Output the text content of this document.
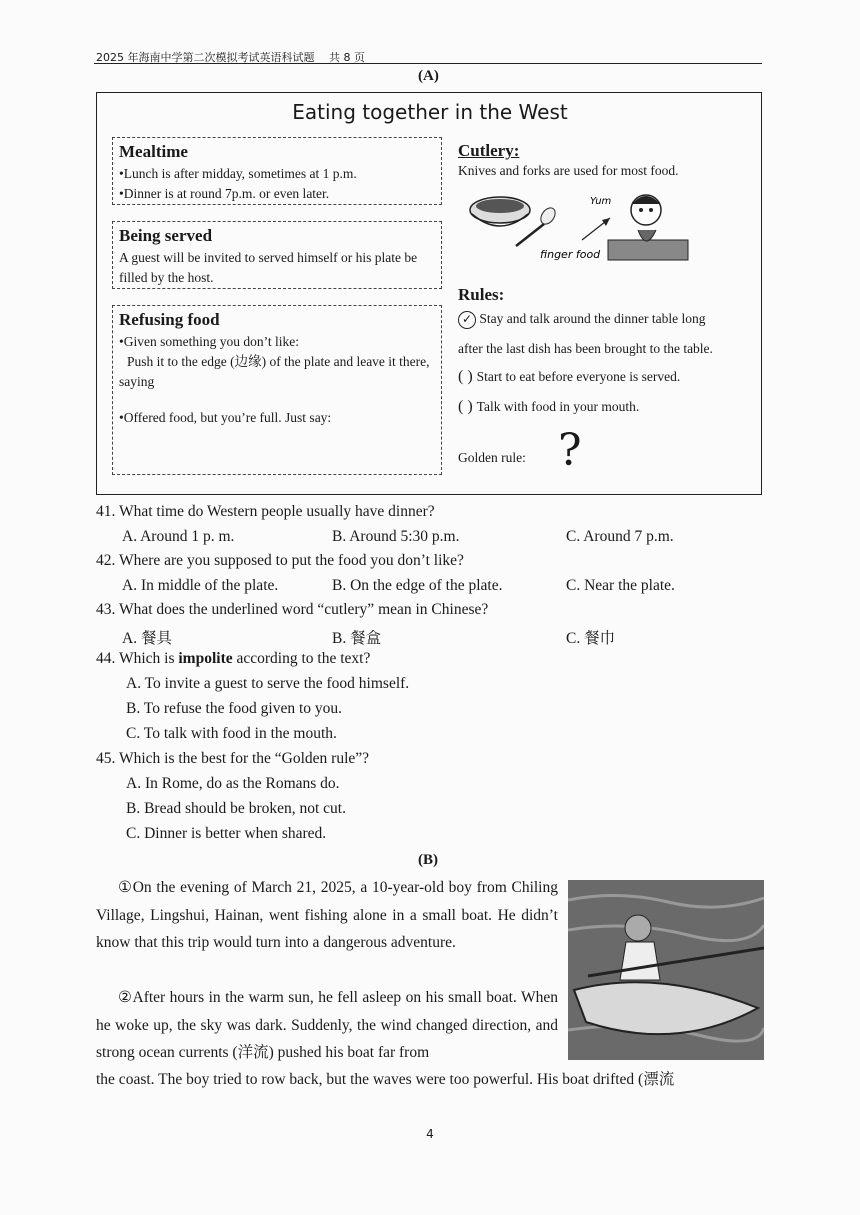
2025 年海南中学第二次模拟考试英语科试题　 共 8 页
(A)
Eating together in the West
Mealtime
•Lunch is after midday, sometimes at 1 p.m.
•Dinner is at round 7p.m. or even later.
Being served
A guest will be invited to served himself or his plate be filled by the host.
Refusing food
•Given something you don’t like:
Push it to the edge (边缘) of the plate and leave it there, saying
•Offered food, but you’re full. Just say:
Cutlery:
Knives and forks are used for most food.
Yum
finger food
Rules:
✓ Stay and talk around the dinner table long
after the last dish has been brought to the table.
( ) Start to eat before everyone is served.
( ) Talk with food in your mouth.
Golden rule: ?
41. What time do Western people usually have dinner?
A. Around 1 p. m.	B. Around 5:30 p.m.	C. Around 7 p.m.
42. Where are you supposed to put the food you don’t like?
A. In middle of the plate.	B. On the edge of the plate.	C. Near the plate.
43. What does the underlined word “cutlery” mean in Chinese?
A. 餐具	B. 餐盒	C. 餐巾
44. Which is impolite according to the text?
A. To invite a guest to serve the food himself.
B. To refuse the food given to you.
C. To talk with food in the mouth.
45. Which is the best for the “Golden rule”?
A. In Rome, do as the Romans do.
B. Bread should be broken, not cut.
C. Dinner is better when shared.
(B)
①On the evening of March 21, 2025, a 10-year-old boy from Chiling Village, Lingshui, Hainan, went fishing alone in a small boat. He didn’t know that this trip would turn into a dangerous adventure.
②After hours in the warm sun, he fell asleep on his small boat. When he woke up, the sky was dark. Suddenly, the wind changed direction, and strong ocean currents (洋流) pushed his boat far from
the coast. The boy tried to row back, but the waves were too powerful. His boat drifted (漂流
4
